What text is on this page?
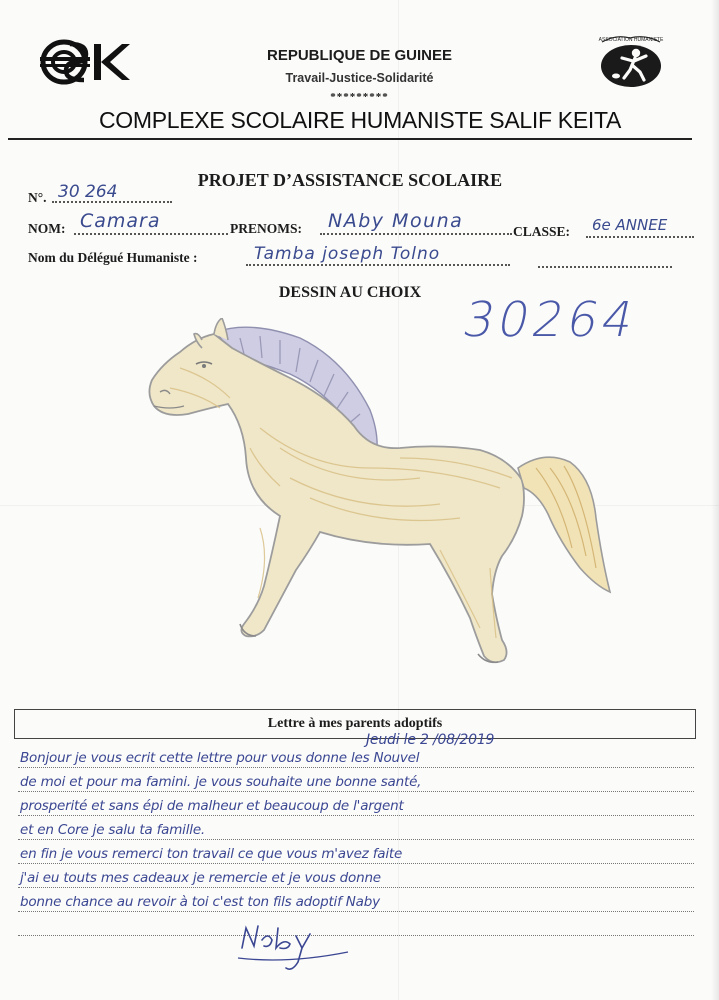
ASSOCIATION HUMANISTE
REPUBLIQUE DE GUINEE
Travail-Justice-Solidarité
*********
COMPLEXE SCOLAIRE HUMANISTE SALIF KEITA
PROJET D’ASSISTANCE SCOLAIRE
N°. 30 264
NOM: Camara	PRENOMS: NAby Mouna	CLASSE: 6e ANNEE
Nom du Délégué Humaniste :	Tamba joseph Tolno
DESSIN AU CHOIX 30264
Lettre à mes parents adoptifs
Jeudi le 2 /08/2019
Bonjour je vous ecrit cette lettre pour vous donne les Nouvel
de moi et pour ma famini. je vous souhaite une bonne santé,
prosperité et sans épi de malheur et beaucoup de l'argent
et en Core je salu ta famille.
en fin je vous remerci ton travail ce que vous m'avez faite
j'ai eu touts mes cadeaux je remercie et je vous donne
bonne chance au revoir à toi c'est ton fils adoptif Naby
